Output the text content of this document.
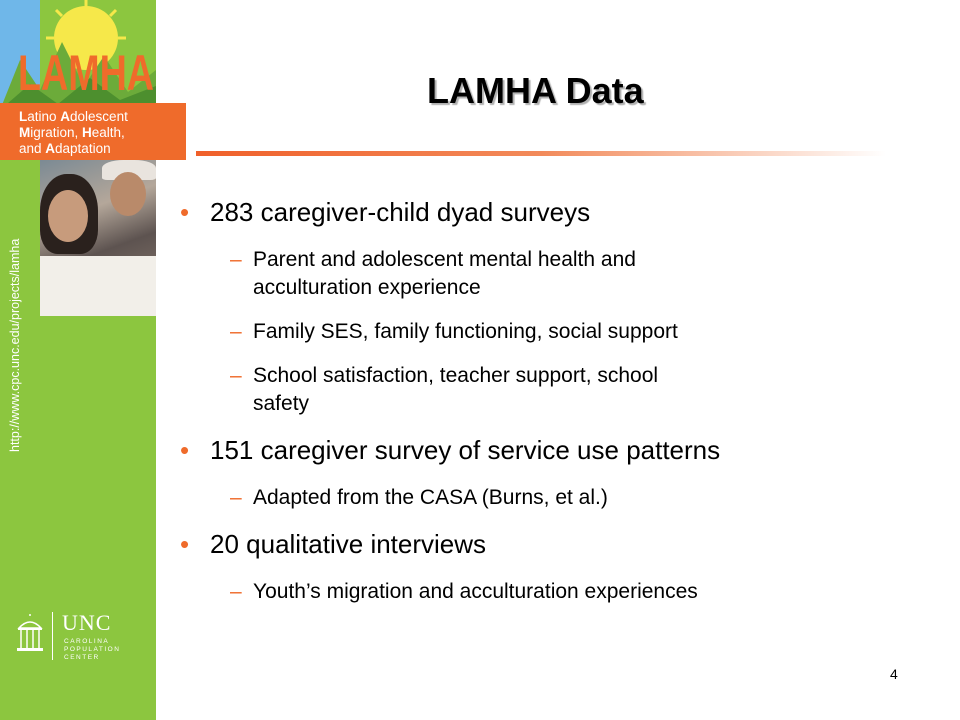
LAMHA
http://www.cpc.unc.edu/projects/lamha
UNC
CAROLINA
POPULATION
CENTER
Latino Adolescent
Migration, Health,
and Adaptation
LAMHA Data
• 283 caregiver-child dyad surveys
– Parent and adolescent mental health and
acculturation experience
– Family SES, family functioning, social support
– School satisfaction, teacher support, school
safety
• 151 caregiver survey of service use patterns
– Adapted from the CASA (Burns, et al.)
• 20 qualitative interviews
– Youth’s migration and acculturation experiences
4
